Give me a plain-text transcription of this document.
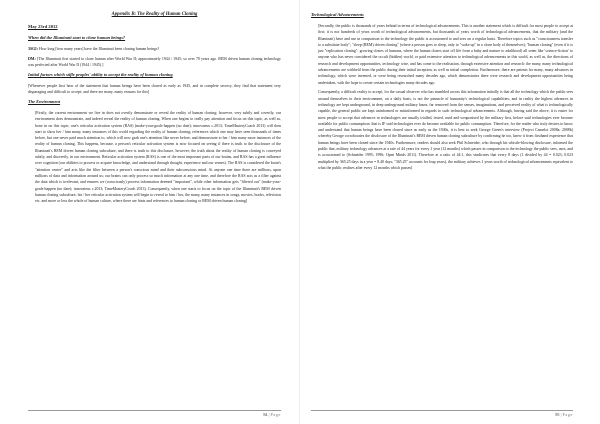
Appendix B: The Reality of Human Cloning
May 23rd 2012
When did the Illuminati start to clone human beings?
3SGI: How long [how many years] have the Illuminati been cloning human beings?
DM: [The Illuminati first started to clone human after World War II; approximately 1944 / 1945; so over 70 years ago. REM driven human cloning technology was perfected after World War II (1944 / 1945).]
Initial factors which stifle peoples' ability to accept the reality of human cloning
[Whenever people first hear of the statement that human beings have been cloned as early as 1945, and in complete secrecy, they find that statement very disparaging and difficult to accept; and there are many, many reasons for this]
The Environment
[Firstly, the current environment we live in does not overtly demonstrate or reveal the reality of human cloning; however, very subtly and covertly, our environment does demonstrate, and indeed reveal the reality of human cloning. When one begins to really pay attention and focus on this topic, as well as, hone in on this topic; one's reticular activation system (RAS) (make-your-goals-happen (no date); innovateus c.2013; TimeMasteryCoach 2013) will then start to show her / him many, many instances of this world regarding the reality of human cloning; references which one may have seen thousands of times before, but one never paid much attention to, which will now grab one's attention like never before, and demonstrate to her / him many more instances of the reality of human cloning. This happens, because, a person's reticular activation system is now focused on seeing if there is truth to the disclosure of the Illuminati's REM driven human cloning subculture, and there is truth to this disclosure, however; the truth about the reality of human cloning is conveyed subtly, and discreetly, in our environment. Reticular activation system (RAS) is one of the most important parts of our brains, and RAS has a great influence over cognition (our abilities to process or acquire knowledge, and understand through thought, experience and our senses). The RAS is considered the brain's "attention center" and acts like the filter between a person's conscious mind and their subconscious mind. At anyone one time there are millions, upon millions of data and information around us; our brains can only process so much information at any one time, and therefore the RAS acts as a filter against the data which is irrelevant, and ensures we (consciously) process information deemed "important", while other information gets "filtered out" (make-your-goals-happen (no date); innovateus c.2013; TimeMasteryCoach 2013). Consequently, when one starts to focus on the topic of the Illuminati's REM driven human cloning subculture, his / her reticular activation system will begin to reveal to him / her, the many, many instances in songs, movies, books, television etc. and more or less the whole of human culture, where there are hints and references to human cloning or REM driven human cloning]
84 | Page
Technological Advancements
[Secondly, the public is thousands of years behind in terms of technological advancements. This is another statement which is difficult for most people to accept at first; it is not hundreds of years worth of technological advancements, but thousands of years worth of technological advancements, that the military (and the Illuminati) have and use in comparison to the technology the public is accustomed to and sees on a regular basis. Therefore topics such as "consciousness transfer to a substitute body"; "sleep (REM) driven cloning" (where a person goes to sleep, only to "wake up" in a clone body of themselves); "human cloning" (even if it is just "replication cloning": growing clones of humans, where the human clones start off life from a baby and mature to adulthood) all seem like 'science-fiction' to anyone who has never considered the occult (hidden) world, or paid extensive attention to technological advancements in this world, as well as, the directions of research and development opportunities, technology wise, and has come to the realisation, through extensive attention and research: the many, many technological advancements are withheld from the public during their initial inception, as well as initial completion. Furthermore, there are patents for many, many advances in technology, which were invented, or were being researched many decades ago, which demonstrates there were research and development opportunities being undertaken, with the hope to create certain technologies many decades ago.
Consequently, a difficult reality to accept, for the casual observer who has stumbled across this information initially is that all the technology which the public sees around themselves in their environment, on a daily basis, is not the pinnacle of humanity's technological capabilities; and in reality the highest advances in technology are kept underground, in deep underground military bases, far removed from the senses, imaginations, and perceived reality of what is technologically capable, the general public are kept uninformed or misinformed in regards to such technological advancements. Although, having said the above, it is easier for most people to accept that advances in technologies are usually trialled, tested, used and weaponised by the military first, before said technologies ever become available for public consumption: that is IF said technologies ever do become available for public consumption. Therefore, for the reader who truly desires to know and understand that human beings have been cloned since as early as the 1940s, it is best to seek George Green's interview (Project Camelot 2008a; 2008b) whereby George corroborates the disclosure of the Illuminati's REM driven human cloning subculture by confirming he too, knew it from firsthand experience that human beings have been cloned since the 1940s. Furthermore, readers should also seek Phil Schneider, who through his whistle-blowing disclosure, informed the public that, military technology advances at a rate of 44 years for every 1 year (12 months) which passes in comparison to the technology the public sees, uses, and is accustomed to (Schneider 1995; 1996; Open Minds 2011). Therefore at a ratio of 44:1, this vindicates that every 8 days (1 divided by 44 = 0.023; 0.023 multiplied by 365.25 days in a year = 8.40 days; "365.25" accounts for leap years), the military achieves 1 years worth of technological advancements equivalent to what the public realises after every 12 months which passes]
85 | Page
